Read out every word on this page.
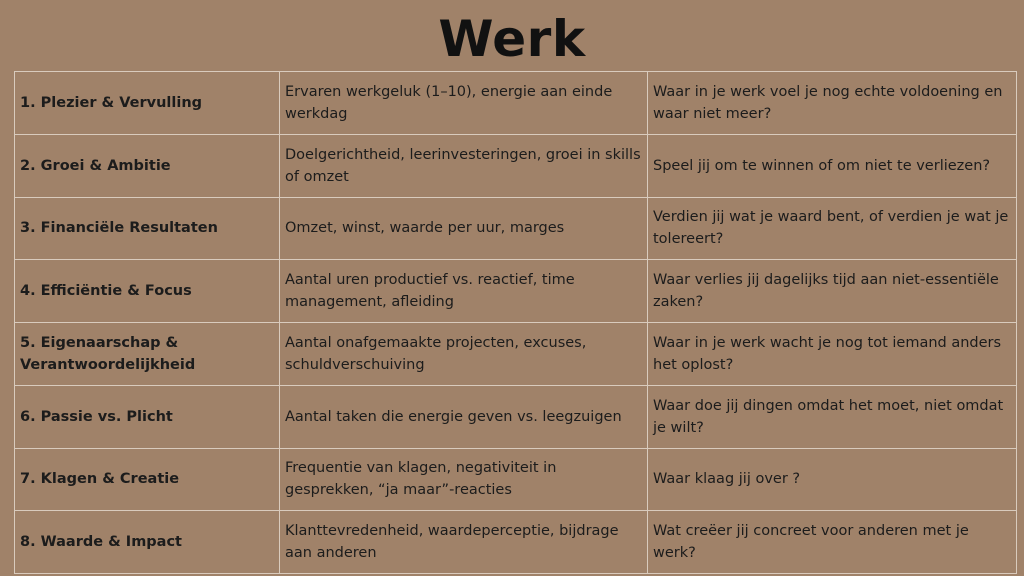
Werk
1. Plezier & Vervulling	Ervaren werkgeluk (1–10), energie aan einde werkdag	Waar in je werk voel je nog echte voldoening en waar niet meer?
2. Groei & Ambitie	Doelgerichtheid, leerinvesteringen, groei in skills of omzet	Speel jij om te winnen of om niet te verliezen?
3. Financiële Resultaten	Omzet, winst, waarde per uur, marges	Verdien jij wat je waard bent, of verdien je wat je tolereert?
4. Efficiëntie & Focus	Aantal uren productief vs. reactief, time management, afleiding	Waar verlies jij dagelijks tijd aan niet-essentiële zaken?
5. Eigenaarschap & Verantwoordelijkheid	Aantal onafgemaakte projecten, excuses, schuldverschuiving	Waar in je werk wacht je nog tot iemand anders het oplost?
6. Passie vs. Plicht	Aantal taken die energie geven vs. leegzuigen	Waar doe jij dingen omdat het moet, niet omdat je wilt?
7. Klagen & Creatie	Frequentie van klagen, negativiteit in gesprekken, “ja maar”-reacties	Waar klaag jij over ?
8. Waarde & Impact	Klanttevredenheid, waardeperceptie, bijdrage aan anderen	Wat creëer jij concreet voor anderen met je werk?
